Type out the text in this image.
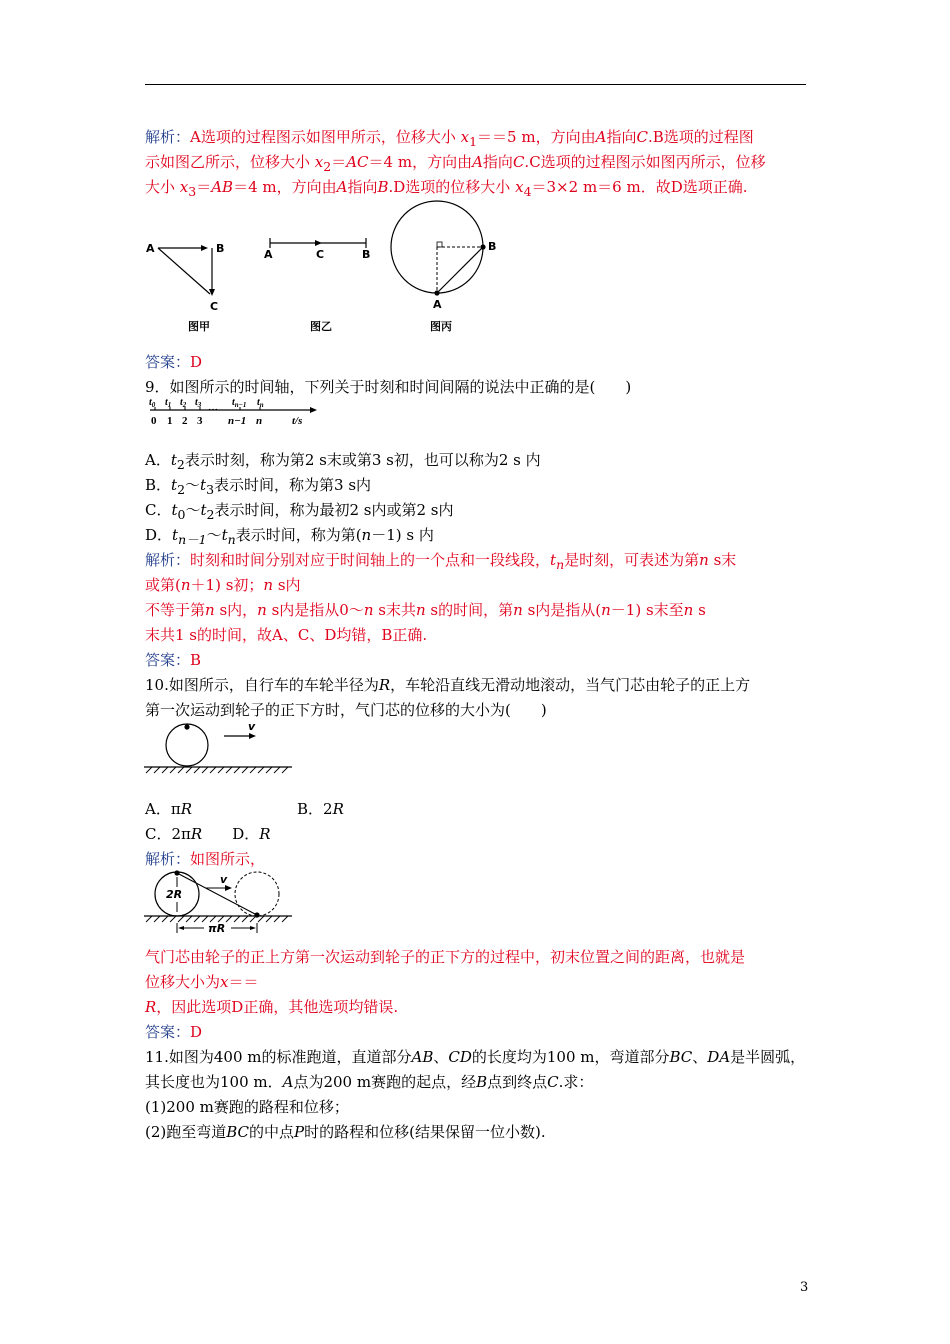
解析：A选项的过程图示如图甲所示，位移大小 $x_1==5$ m，方向由A指向C.B选项的过程图
示如图乙所示，位移大小 $x_2=AC=4$ m，方向由A指向C.C选项的过程图示如图丙所示，位移
大小 $x_3=AB=4$ m，方向由A指向B.D选项的位移大小 $x_4=3\times 2$ m＝6 m．故D选项正确.
A	B
C
图甲
A	C	B
图乙
A
B
图丙
答案：D
9．如图所示的时间轴，下列关于时刻和时间间隔的说法中正确的是(　　)
$t_0$ $t_1$ $t_2$ $t_3$	$t_{n-1}$ $t_n$
0 1 2 3
···
n−1 n	t/s
A．$t_2$表示时刻，称为第2 s末或第3 s初，也可以称为2 s 内
B．$t_2\sim t_3$表示时间，称为第3 s内
C．$t_0\sim t_2$表示时间，称为最初2 s内或第2 s内
D．$t_{n-1}\sim t_n$表示时间，称为第(n－1) s 内
解析：时刻和时间分别对应于时间轴上的一个点和一段线段，$t_n$是时刻，可表述为第n s末
或第(n＋1) s初；n s内
不等于第n s内，n s内是指从0～n s末共n s的时间，第n s内是指从(n－1) s末至n s
末共1 s的时间，故A、C、D均错，B正确.
答案：B
10.如图所示，自行车的车轮半径为R，车轮沿直线无滑动地滚动，当气门芯由轮子的正上方
第一次运动到轮子的正下方时，气门芯的位移的大小为(　　)
v
A．πR	B．2R
C．2πR D．R
解析：如图所示，
2R
v
πR
气门芯由轮子的正上方第一次运动到轮子的正下方的过程中，初末位置之间的距离，也就是
位移大小为x＝＝
R，因此选项D正确，其他选项均错误.
答案：D
11.如图为400 m的标准跑道，直道部分AB、CD的长度均为100 m，弯道部分BC、DA是半圆弧，
其长度也为100 m．A点为200 m赛跑的起点，经B点到终点C.求：
(1)200 m赛跑的路程和位移；
(2)跑至弯道BC的中点P时的路程和位移(结果保留一位小数).
3
